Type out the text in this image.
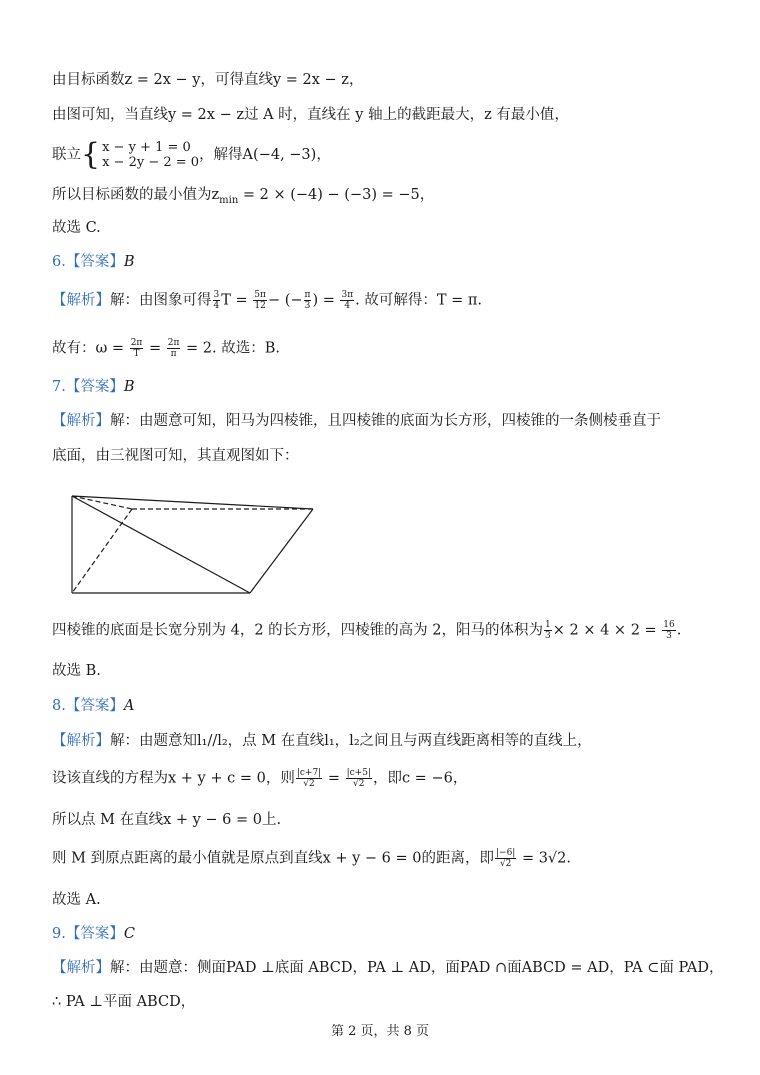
由目标函数z = 2x − y，可得直线y = 2x − z，
由图可知，当直线y = 2x − z过 A 时，直线在 y 轴上的截距最大，z 有最小值，
联立 { x − y + 1 = 0
x − 2y − 2 = 0 ，解得A(−4, −3)，
所以目标函数的最小值为$z_{min} = 2 \times (-4) - (-3) = -5$，
故选 C.
6.【答案】B
【解析】解：由图象可得 $\frac{3}{4}$ $T = \frac{5\pi}{12}$ − (− $\frac{\pi}{3}$ ) = $\frac{3\pi}{4}$ . 故可解得：T = π.
故有：$\omega = \frac{2\pi}{T} = \frac{2\pi}{\pi} = 2$. 故选：B.
7.【答案】B
【解析】解：由题意可知，阳马为四棱锥，且四棱锥的底面为长方形，四棱锥的一条侧棱垂直于
底面，由三视图可知，其直观图如下：
四棱锥的底面是长宽分别为 4，2 的长方形，四棱锥的高为 2，阳马的体积为 $\frac{1}{3} \times 2 \times 4 \times 2 = \frac{16}{3}$ .
故选 B.
8.【答案】A
【解析】解：由题意知l₁//l₂，点 M 在直线l₁，l₂之间且与两直线距离相等的直线上，
设该直线的方程为x + y + c = 0，则 $\frac{|c+7|}{√2} = \frac{|c+5|}{√2}$ ，即c = −6，
所以点 M 在直线x + y − 6 = 0上.
则 M 到原点距离的最小值就是原点到直线x + y − 6 = 0的距离，即 $\frac{|-6|}{√2} = 3√2$.
故选 A.
9.【答案】C
【解析】解：由题意：侧面PAD ⊥底面 ABCD，PA ⊥ AD，面PAD ∩面ABCD = AD，PA ⊂面 PAD，
∴ PA ⊥平面 ABCD，
第 2 页，共 8 页
